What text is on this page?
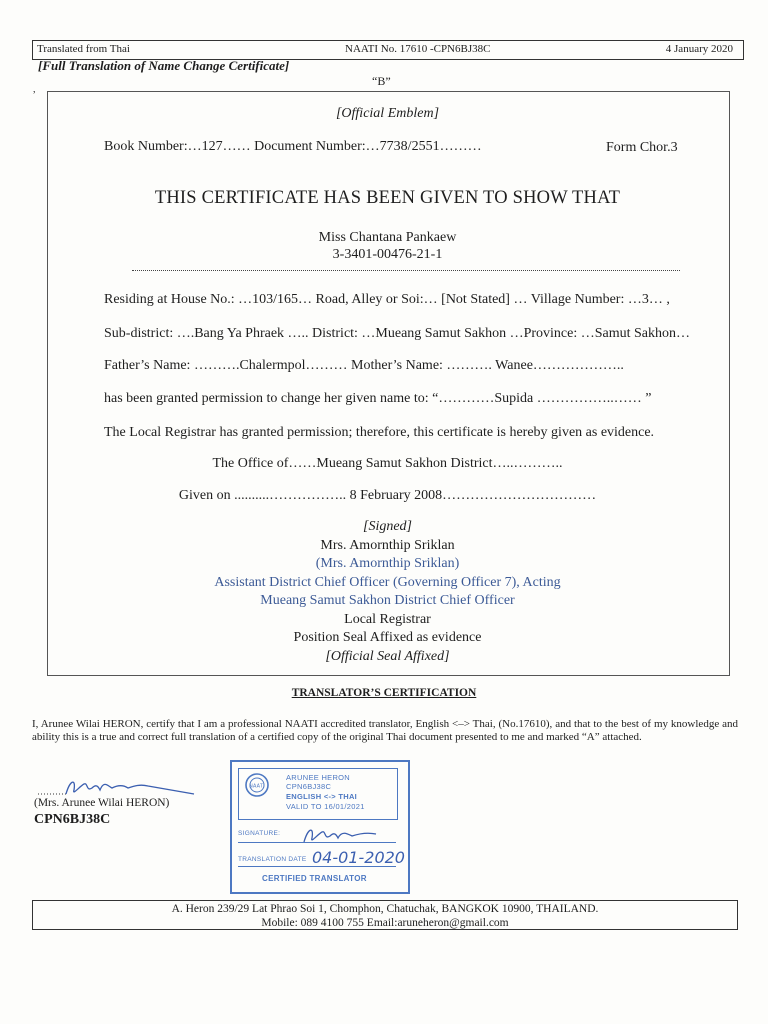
Translated from Thai	NAATI No. 17610 -CPN6BJ38C	4 January 2020
[Full Translation of Name Change Certificate]
“B”
,
[Official Emblem]
Book Number:…127…… Document Number:…7738/2551………	Form Chor.3
THIS CERTIFICATE HAS BEEN GIVEN TO SHOW THAT
Miss Chantana Pankaew
3-3401-00476-21-1
Residing at House No.: …103/165… Road, Alley or Soi:… [Not Stated] … Village Number: …3… ,
Sub-district: ….Bang Ya Phraek ….. District: …Mueang Samut Sakhon …Province: …Samut Sakhon…
Father’s Name: ……….Chalermpol……… Mother’s Name: ………. Wanee………………..
has been granted permission to change her given name to: “…………Supida ……………..…… ”
The Local Registrar has granted permission; therefore, this certificate is hereby given as evidence.
The Office of……Mueang Samut Sakhon District…..………..
Given on ..........…………….. 8 February 2008……………………………
[Signed]
Mrs. Amornthip Sriklan
(Mrs. Amornthip Sriklan)
Assistant District Chief Officer (Governing Officer 7), Acting
Mueang Samut Sakhon District Chief Officer
Local Registrar
Position Seal Affixed as evidence
[Official Seal Affixed]
TRANSLATOR’S CERTIFICATION
I, Arunee Wilai HERON, certify that I am a professional NAATI accredited translator, English <–> Thai, (No.17610), and that to the best of my knowledge and ability this is a true and correct full translation of a certified copy of the original Thai document presented to me and marked “A” attached.
(Mrs. Arunee Wilai HERON)
CPN6BJ38C
NAATI
ARUNEE HERON
CPN6BJ38C
ENGLISH <-> THAI
VALID TO 16/01/2021
SIGNATURE:
TRANSLATION DATE 04-01-2020
CERTIFIED TRANSLATOR
A. Heron 239/29 Lat Phrao Soi 1, Chomphon, Chatuchak, BANGKOK 10900, THAILAND.
Mobile: 089 4100 755 Email:aruneheron@gmail.com
